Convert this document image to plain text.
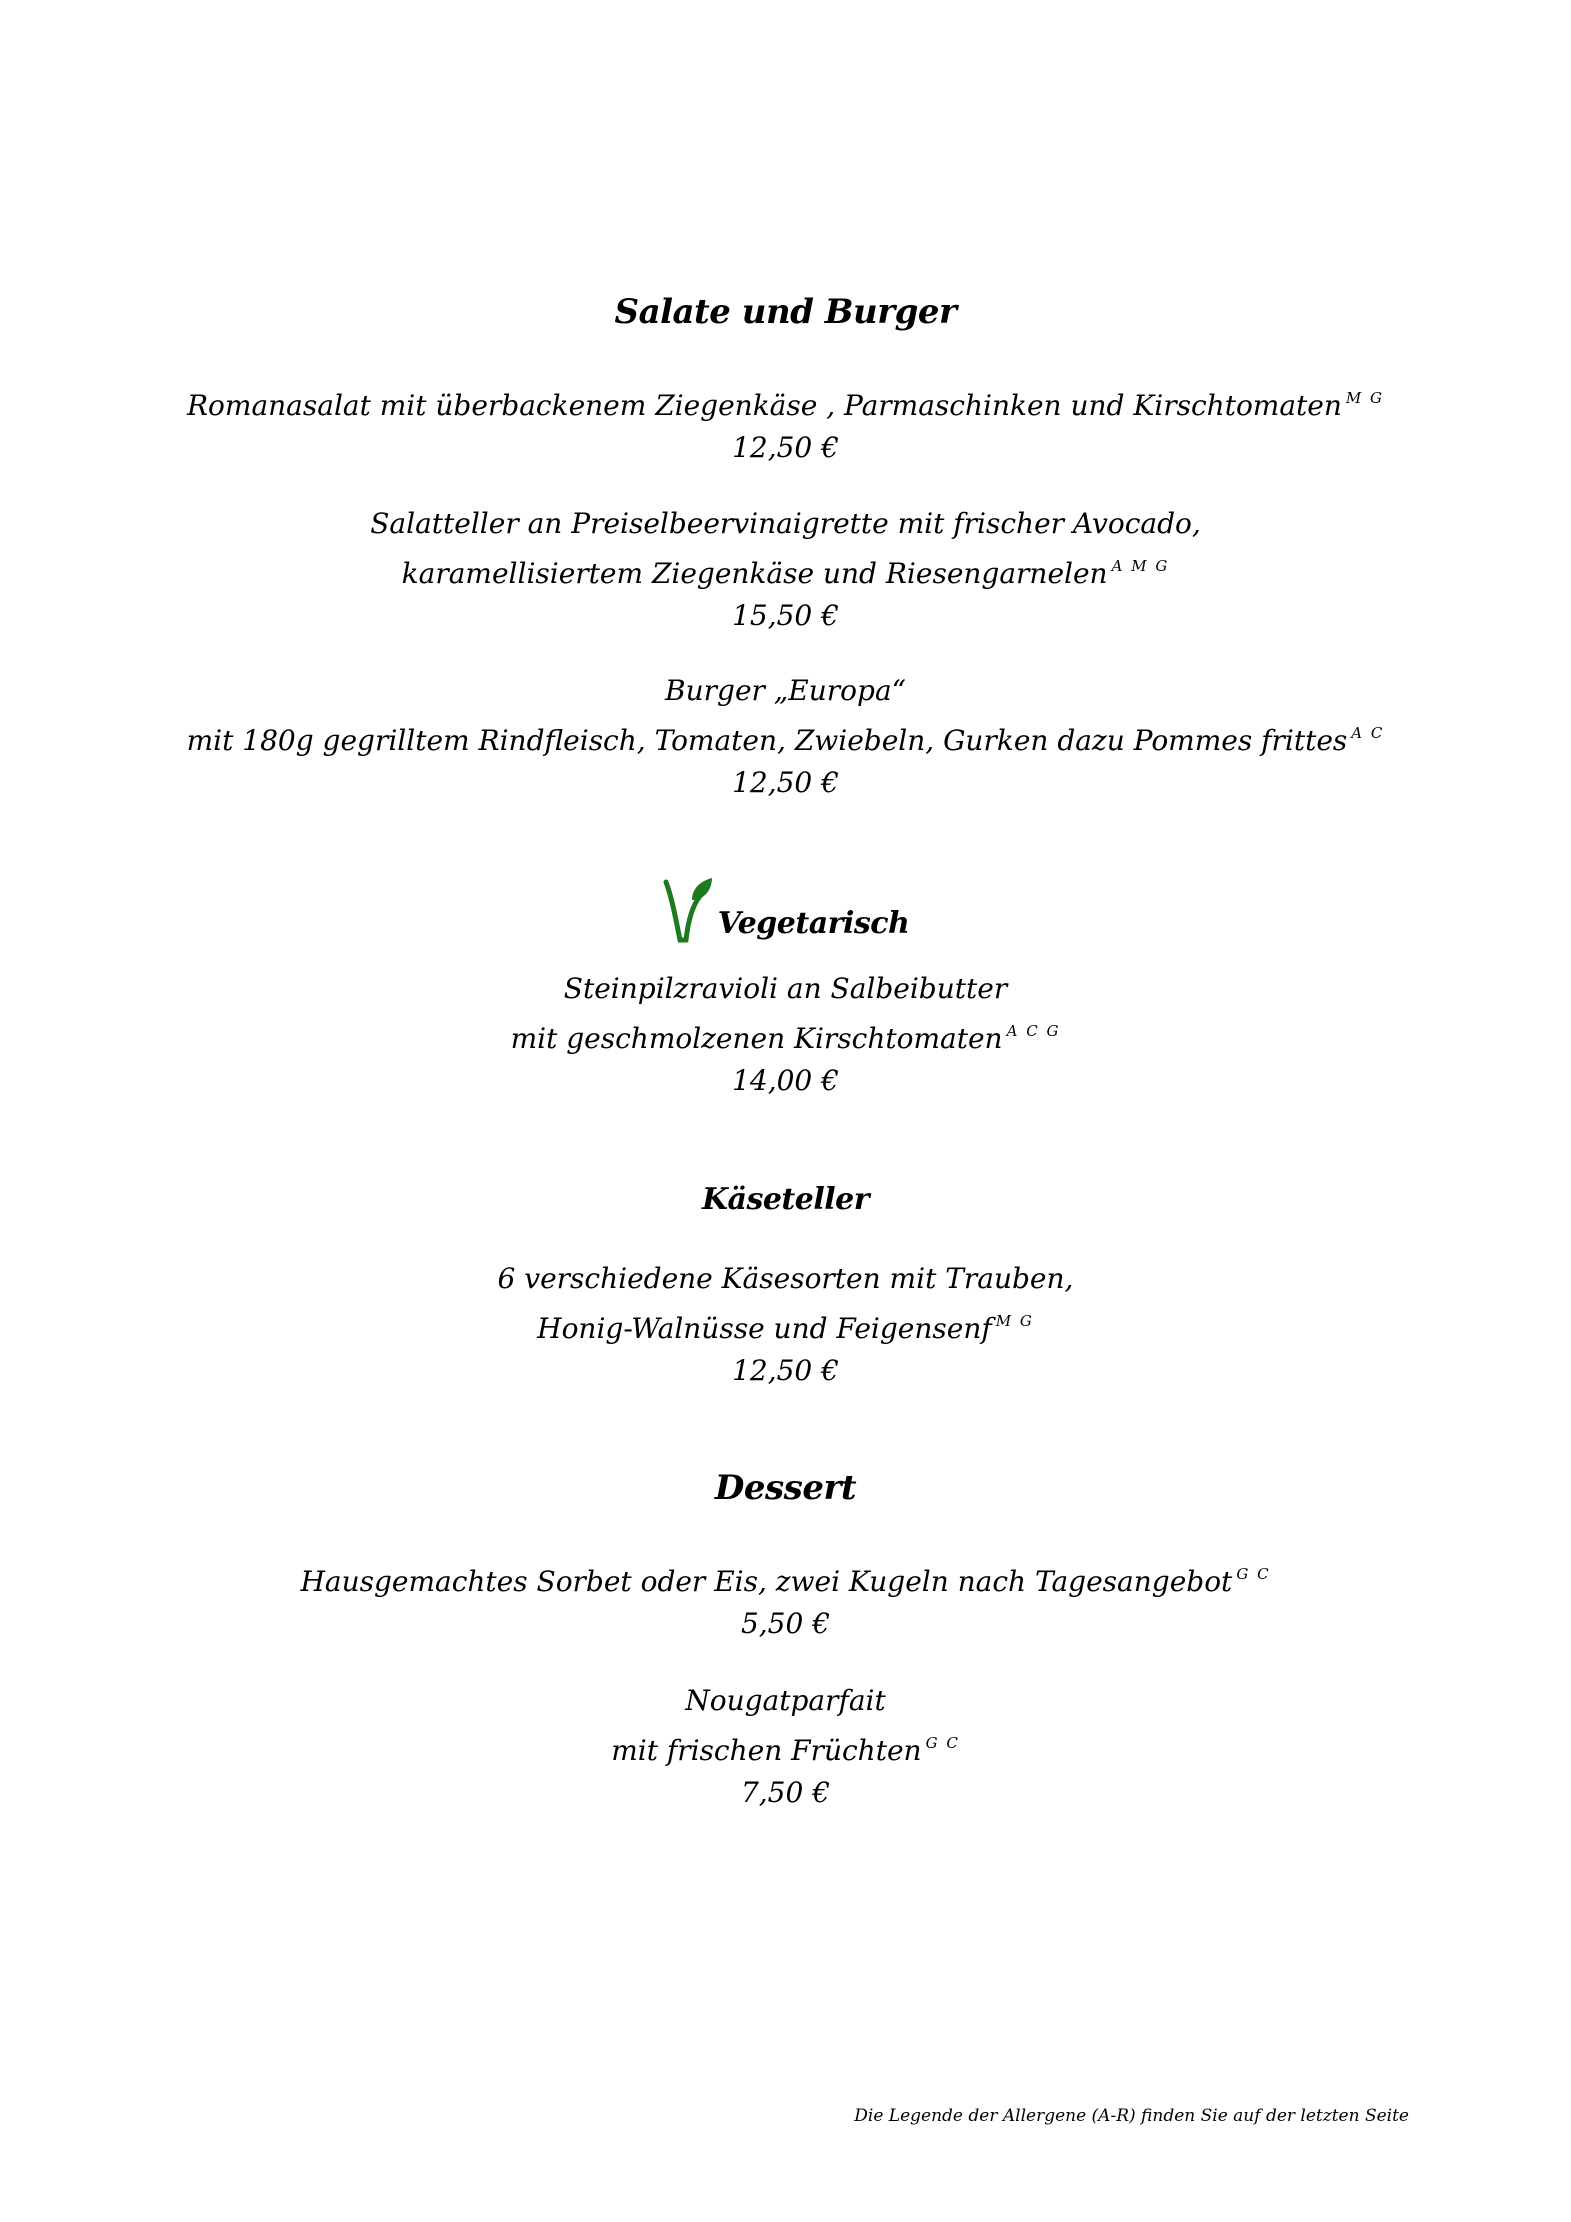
Salate und Burger
Romanasalat mit überbackenem Ziegenkäse , Parmaschinken und Kirschtomaten $^{M G}$
12,50 €
Salatteller an Preiselbeervinaigrette mit frischer Avocado,
karamellisiertem Ziegenkäse und Riesengarnelen $^{A M G}$
15,50 €
Burger „Europa“
mit 180g gegrilltem Rindfleisch, Tomaten, Zwiebeln, Gurken dazu Pommes frittes $^{A C}$
12,50 €
Vegetarisch
Steinpilzravioli an Salbeibutter
mit geschmolzenen Kirschtomaten $^{A C G}$
14,00 €
Käseteller
6 verschiedene Käsesorten mit Trauben,
Honig-Walnüsse und Feigensenf $^{M G}$
12,50 €
Dessert
Hausgemachtes Sorbet oder Eis, zwei Kugeln nach Tagesangebot $^{G C}$
5,50 €
Nougatparfait
mit frischen Früchten $^{G C}$
7,50 €
Die Legende der Allergene (A-R) finden Sie auf der letzten Seite
